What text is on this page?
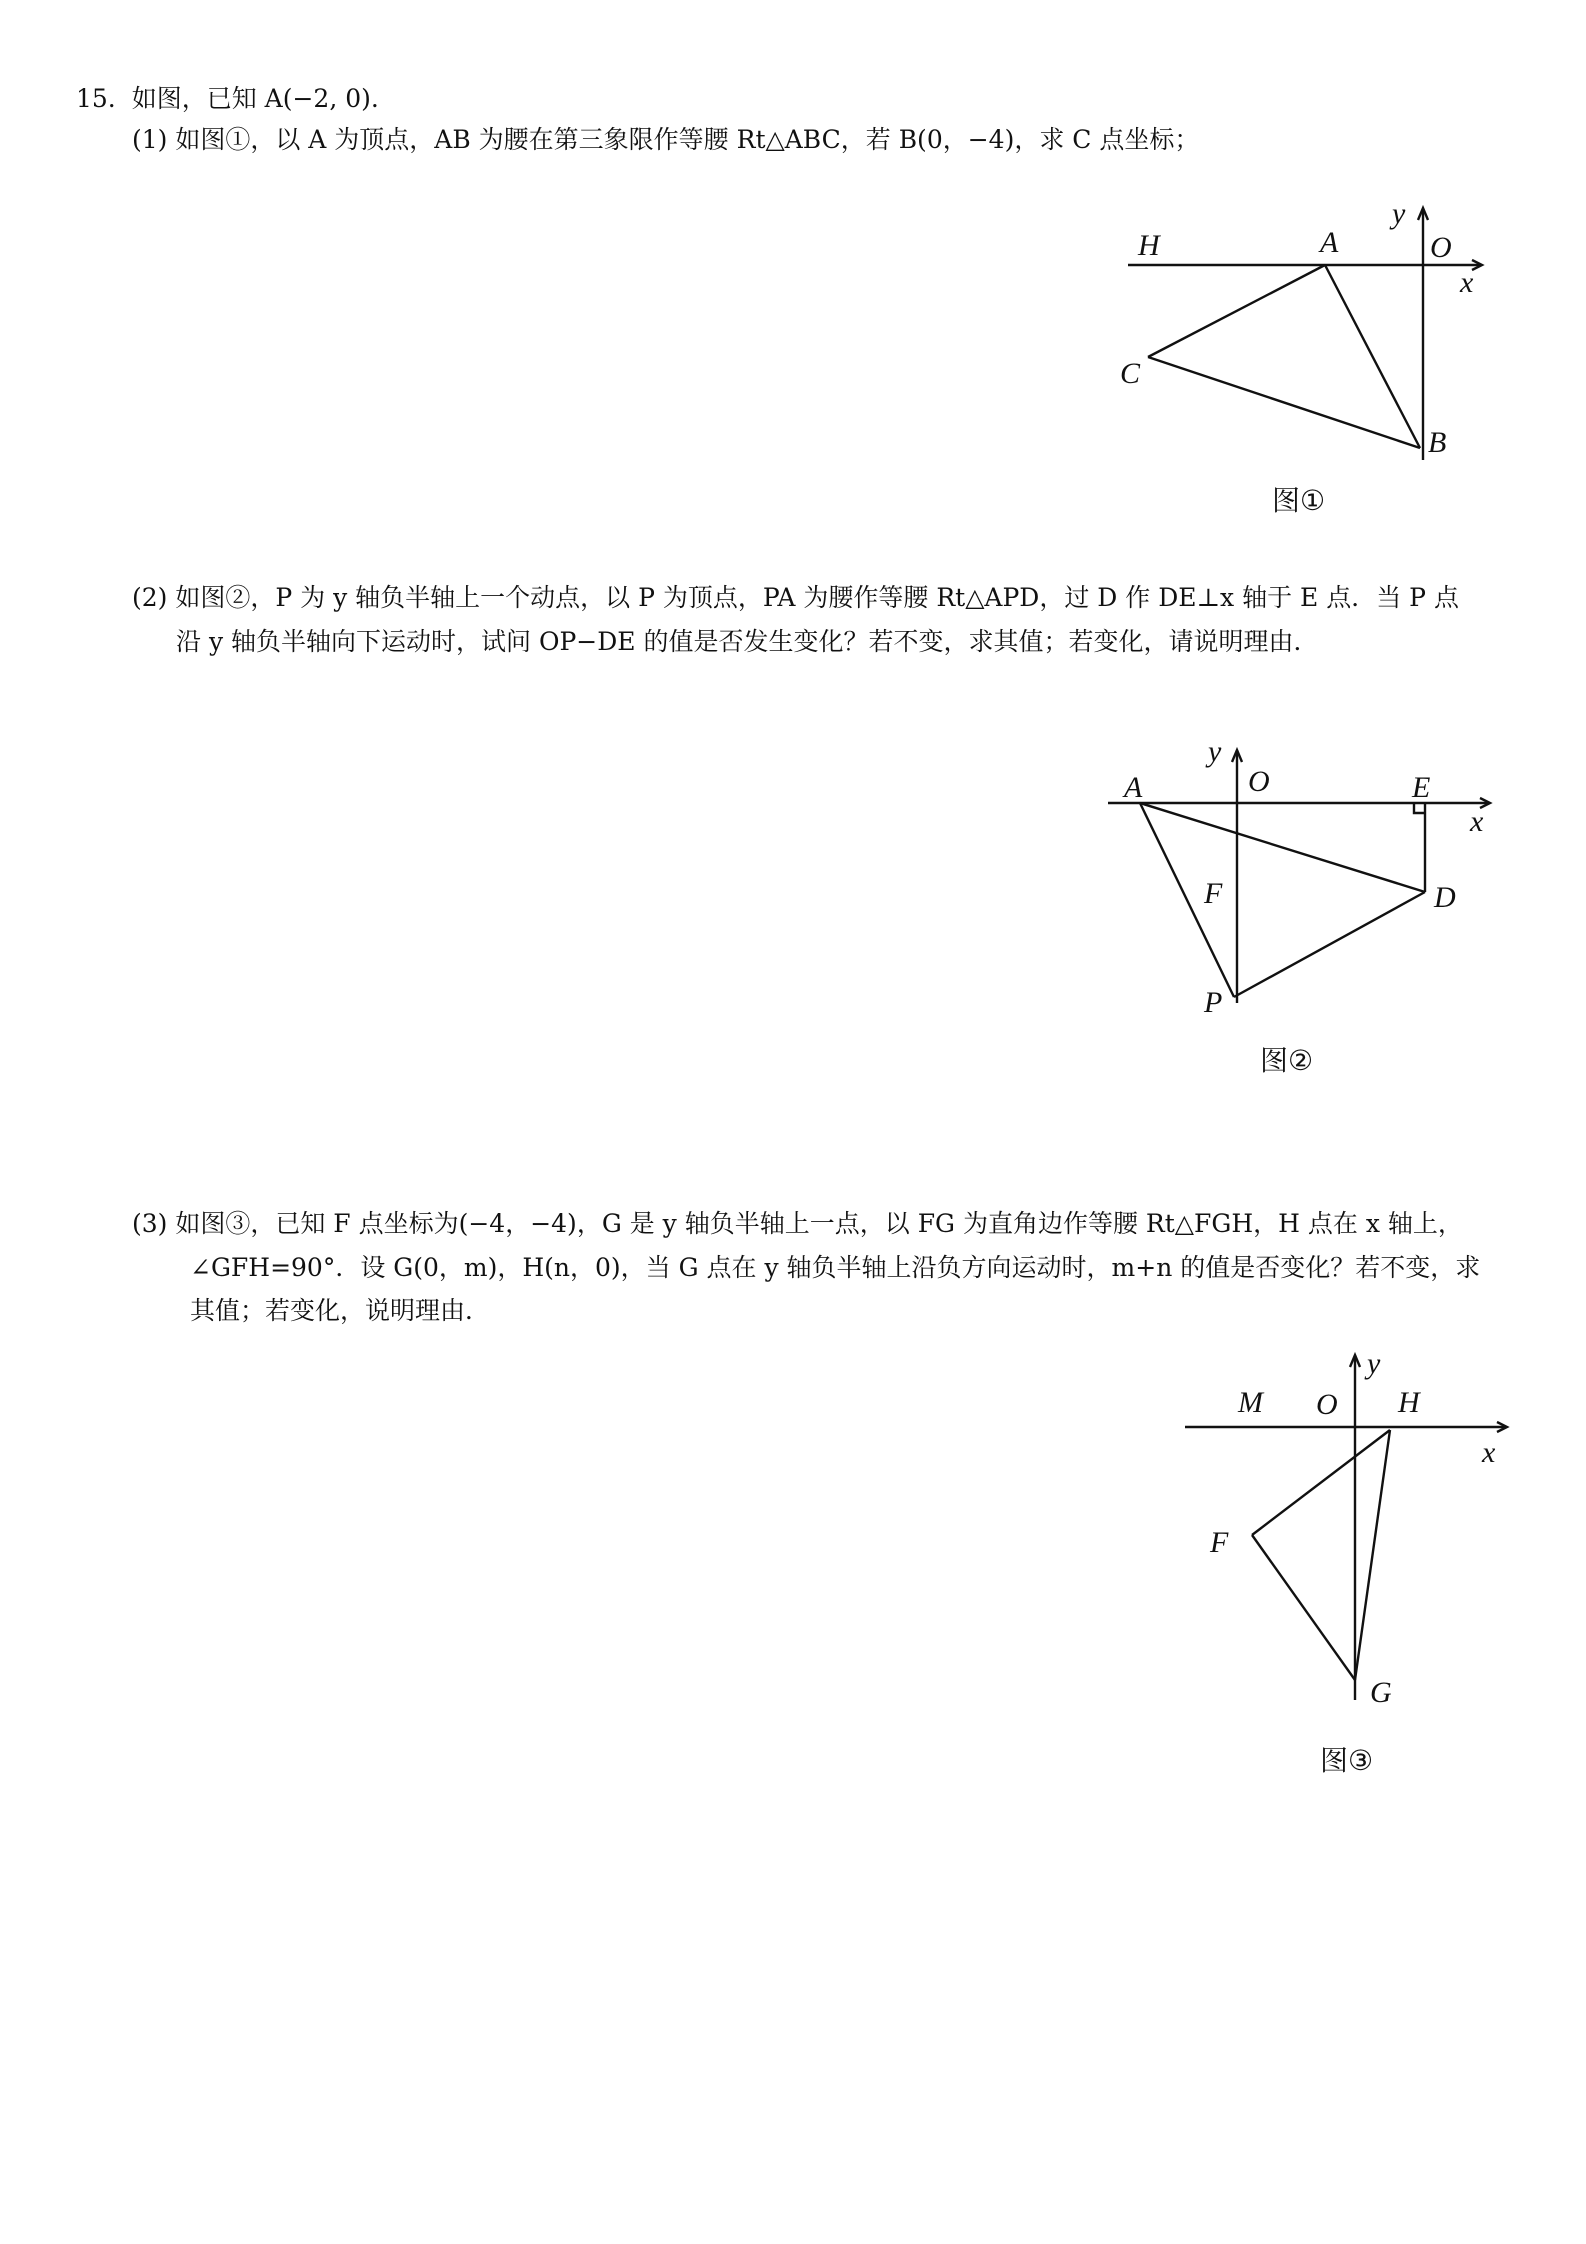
15. 如图，已知 A(−2, 0).
(1) 如图①，以 A 为顶点，AB 为腰在第三象限作等腰 Rt△ABC，若 B(0，−4)，求 C 点坐标；
(2) 如图②，P 为 y 轴负半轴上一个动点，以 P 为顶点，PA 为腰作等腰 Rt△APD，过 D 作 DE⊥x 轴于 E 点．当 P 点
沿 y 轴负半轴向下运动时，试问 OP−DE 的值是否发生变化？若不变，求其值；若变化，请说明理由．
(3) 如图③，已知 F 点坐标为(−4，−4)，G 是 y 轴负半轴上一点，以 FG 为直角边作等腰 Rt△FGH，H 点在 x 轴上，
∠GFH=90°．设 G(0，m)，H(n，0)，当 G 点在 y 轴负半轴上沿负方向运动时，m+n 的值是否变化？若不变，求
其值；若变化，说明理由．
H	A	O
x
y
C
B
图①
A	O	E
x
y
F	D
P
图②
M O H
x
y
F
G
图③
